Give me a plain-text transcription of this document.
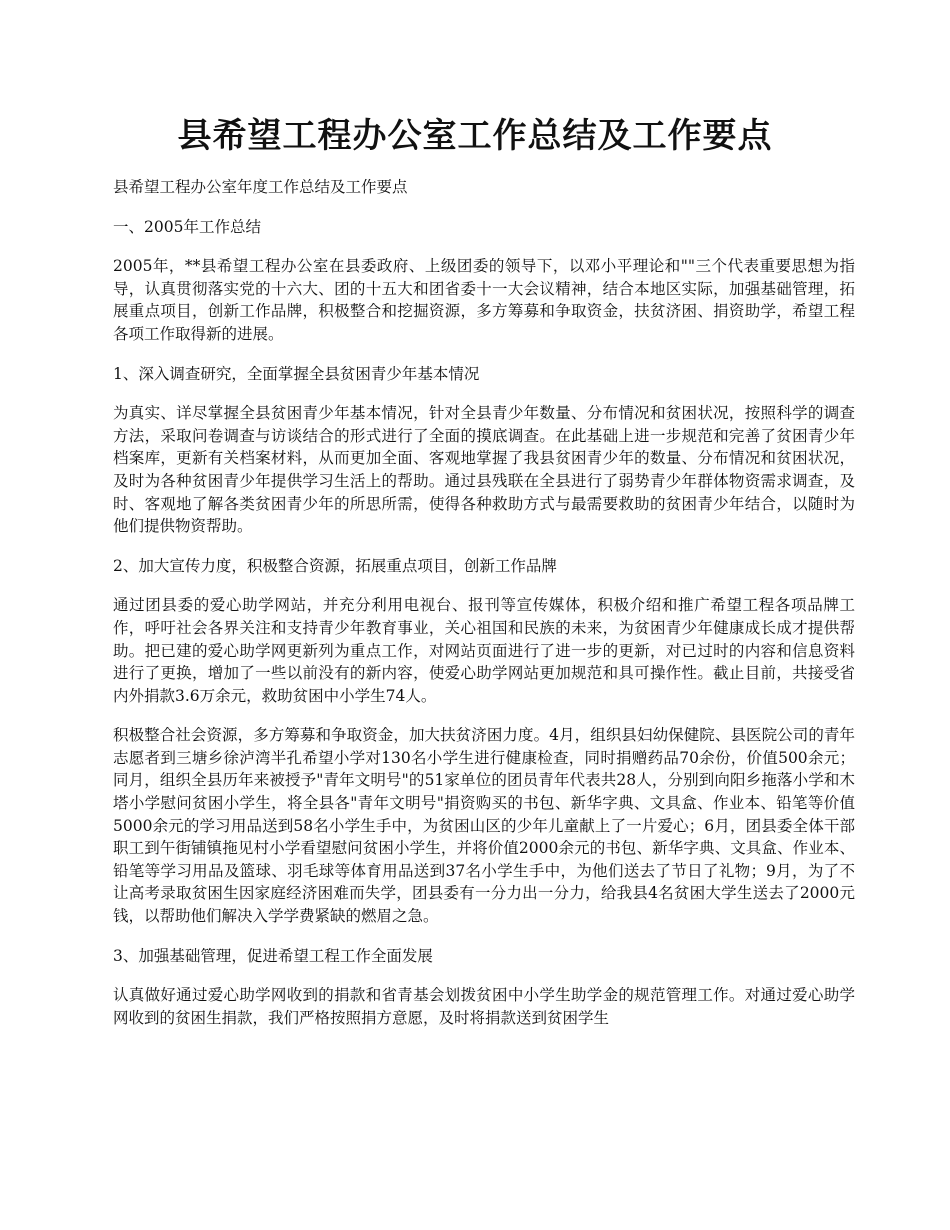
县希望工程办公室工作总结及工作要点

县希望工程办公室年度工作总结及工作要点

一、2005年工作总结

2005年，**县希望工程办公室在县委政府、上级团委的领导下，以邓小平理论和""三个代表重要思想为指导，认真贯彻落实党的十六大、团的十五大和团省委十一大会议精神，结合本地区实际，加强基础管理，拓展重点项目，创新工作品牌，积极整合和挖掘资源，多方筹募和争取资金，扶贫济困、捐资助学，希望工程各项工作取得新的进展。

1、深入调查研究，全面掌握全县贫困青少年基本情况

为真实、详尽掌握全县贫困青少年基本情况，针对全县青少年数量、分布情况和贫困状况，按照科学的调查方法，采取问卷调查与访谈结合的形式进行了全面的摸底调查。在此基础上进一步规范和完善了贫困青少年档案库，更新有关档案材料，从而更加全面、客观地掌握了我县贫困青少年的数量、分布情况和贫困状况，及时为各种贫困青少年提供学习生活上的帮助。通过县残联在全县进行了弱势青少年群体物资需求调查，及时、客观地了解各类贫困青少年的所思所需，使得各种救助方式与最需要救助的贫困青少年结合，以随时为他们提供物资帮助。

2、加大宣传力度，积极整合资源，拓展重点项目，创新工作品牌

通过团县委的爱心助学网站，并充分利用电视台、报刊等宣传媒体，积极介绍和推广希望工程各项品牌工作，呼吁社会各界关注和支持青少年教育事业，关心祖国和民族的未来，为贫困青少年健康成长成才提供帮助。把已建的爱心助学网更新列为重点工作，对网站页面进行了进一步的更新，对已过时的内容和信息资料进行了更换，增加了一些以前没有的新内容，使爱心助学网站更加规范和具可操作性。截止目前，共接受省内外捐款3.6万余元，救助贫困中小学生74人。

积极整合社会资源，多方筹募和争取资金，加大扶贫济困力度。4月，组织县妇幼保健院、县医院公司的青年志愿者到三塘乡徐泸湾半孔希望小学对130名小学生进行健康检查，同时捐赠药品70余份，价值500余元；同月，组织全县历年来被授予"青年文明号"的51家单位的团员青年代表共28人，分别到向阳乡拖落小学和木塔小学慰问贫困小学生，将全县各"青年文明号"捐资购买的书包、新华字典、文具盒、作业本、铅笔等价值5000余元的学习用品送到58名小学生手中，为贫困山区的少年儿童献上了一片爱心；6月，团县委全体干部职工到午街铺镇拖见村小学看望慰问贫困小学生，并将价值2000余元的书包、新华字典、文具盒、作业本、铅笔等学习用品及篮球、羽毛球等体育用品送到37名小学生手中，为他们送去了节日了礼物；9月，为了不让高考录取贫困生因家庭经济困难而失学，团县委有一分力出一分力，给我县4名贫困大学生送去了2000元钱，以帮助他们解决入学学费紧缺的燃眉之急。

3、加强基础管理，促进希望工程工作全面发展

认真做好通过爱心助学网收到的捐款和省青基会划拨贫困中小学生助学金的规范管理工作。对通过爱心助学网收到的贫困生捐款，我们严格按照捐方意愿，及时将捐款送到贫困学生
